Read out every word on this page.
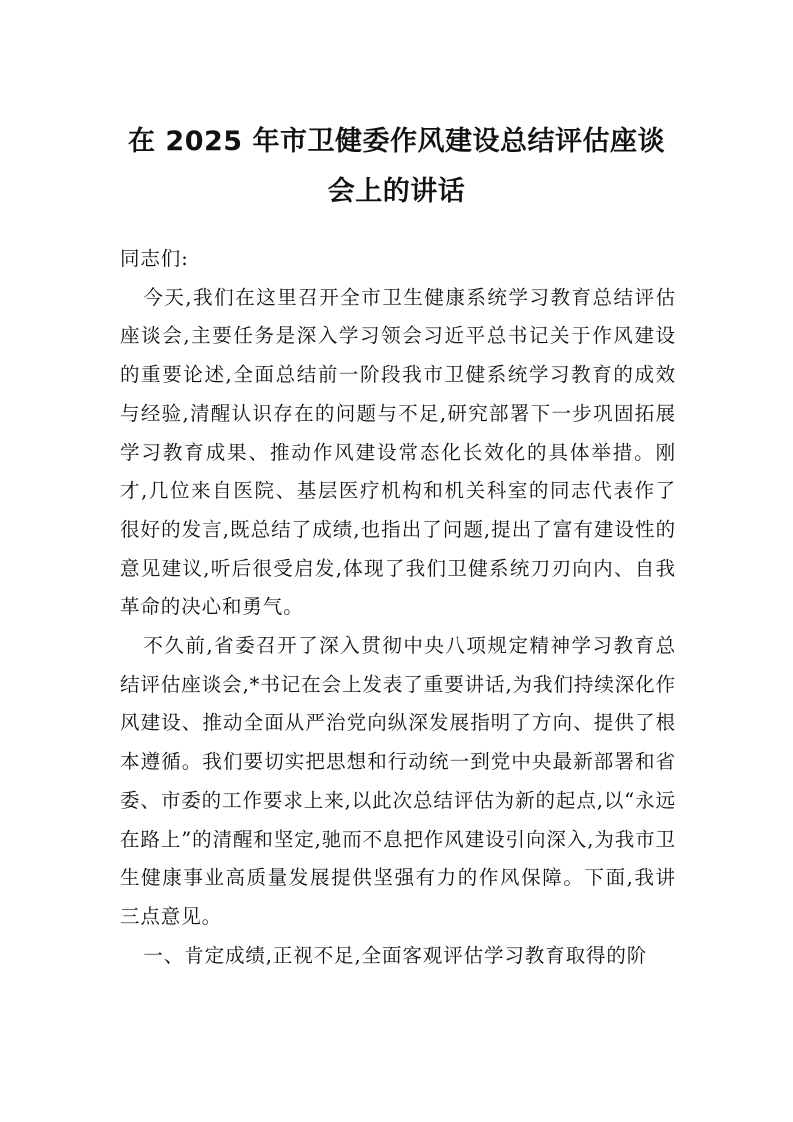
在 2025 年市卫健委作风建设总结评估座谈
会上的讲话

同志们:

今天,我们在这里召开全市卫生健康系统学习教育总结评估座谈会,主要任务是深入学习领会习近平总书记关于作风建设的重要论述,全面总结前一阶段我市卫健系统学习教育的成效与经验,清醒认识存在的问题与不足,研究部署下一步巩固拓展学习教育成果、推动作风建设常态化长效化的具体举措。刚才,几位来自医院、基层医疗机构和机关科室的同志代表作了很好的发言,既总结了成绩,也指出了问题,提出了富有建设性的意见建议,听后很受启发,体现了我们卫健系统刀刃向内、自我革命的决心和勇气。

不久前,省委召开了深入贯彻中央八项规定精神学习教育总结评估座谈会,*书记在会上发表了重要讲话,为我们持续深化作风建设、推动全面从严治党向纵深发展指明了方向、提供了根本遵循。我们要切实把思想和行动统一到党中央最新部署和省委、市委的工作要求上来,以此次总结评估为新的起点,以“永远在路上”的清醒和坚定,驰而不息把作风建设引向深入,为我市卫生健康事业高质量发展提供坚强有力的作风保障。下面,我讲三点意见。

一、肯定成绩,正视不足,全面客观评估学习教育取得的阶
